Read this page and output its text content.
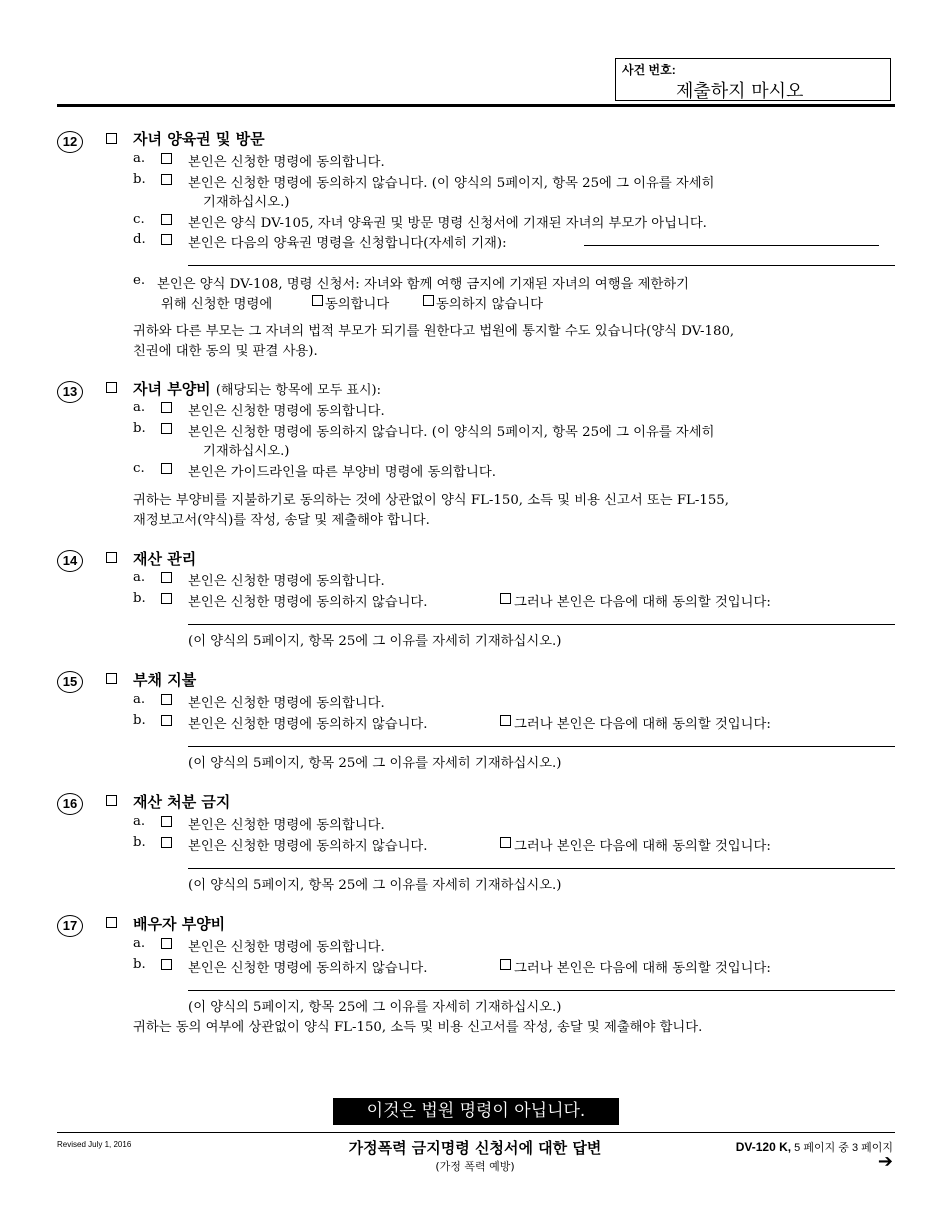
사건 번호:
제출하지 마시오
12	자녀 양육권 및 방문
a.	본인은 신청한 명령에 동의합니다.
b.	본인은 신청한 명령에 동의하지 않습니다. (이 양식의 5페이지, 항목 25에 그 이유를 자세히
기재하십시오.)
c.	본인은 양식 DV-105, 자녀 양육권 및 방문 명령 신청서에 기재된 자녀의 부모가 아닙니다.
d.	본인은 다음의 양육권 명령을 신청합니다(자세히 기재):
e. 본인은 양식 DV-108, 명령 신청서: 자녀와 함께 여행 금지에 기재된 자녀의 여행을 제한하기
위해 신청한 명령에	동의합니다	동의하지 않습니다
귀하와 다른 부모는 그 자녀의 법적 부모가 되기를 원한다고 법원에 통지할 수도 있습니다(양식 DV-180,
친권에 대한 동의 및 판결 사용).
13	자녀 부양비 (해당되는 항목에 모두 표시):
a.	본인은 신청한 명령에 동의합니다.
b.	본인은 신청한 명령에 동의하지 않습니다. (이 양식의 5페이지, 항목 25에 그 이유를 자세히
기재하십시오.)
c.	본인은 가이드라인을 따른 부양비 명령에 동의합니다.
귀하는 부양비를 지불하기로 동의하는 것에 상관없이 양식 FL-150, 소득 및 비용 신고서 또는 FL-155,
재정보고서(약식)를 작성, 송달 및 제출해야 합니다.
14	재산 관리
a.	본인은 신청한 명령에 동의합니다.
b.	본인은 신청한 명령에 동의하지 않습니다.	그러나 본인은 다음에 대해 동의할 것입니다:
(이 양식의 5페이지, 항목 25에 그 이유를 자세히 기재하십시오.)
15	부채 지불
a.	본인은 신청한 명령에 동의합니다.
b.	본인은 신청한 명령에 동의하지 않습니다.	그러나 본인은 다음에 대해 동의할 것입니다:
(이 양식의 5페이지, 항목 25에 그 이유를 자세히 기재하십시오.)
16	재산 처분 금지
a.	본인은 신청한 명령에 동의합니다.
b.	본인은 신청한 명령에 동의하지 않습니다.	그러나 본인은 다음에 대해 동의할 것입니다:
(이 양식의 5페이지, 항목 25에 그 이유를 자세히 기재하십시오.)
17	배우자 부양비
a.	본인은 신청한 명령에 동의합니다.
b.	본인은 신청한 명령에 동의하지 않습니다.	그러나 본인은 다음에 대해 동의할 것입니다:
(이 양식의 5페이지, 항목 25에 그 이유를 자세히 기재하십시오.)
귀하는 동의 여부에 상관없이 양식 FL-150, 소득 및 비용 신고서를 작성, 송달 및 제출해야 합니다.
이것은 법원 명령이 아닙니다.
Revised July 1, 2016	가정폭력 금지명령 신청서에 대한 답변
(가정 폭력 예방)
DV-120 K, 5 페이지 중 3 페이지
➔
